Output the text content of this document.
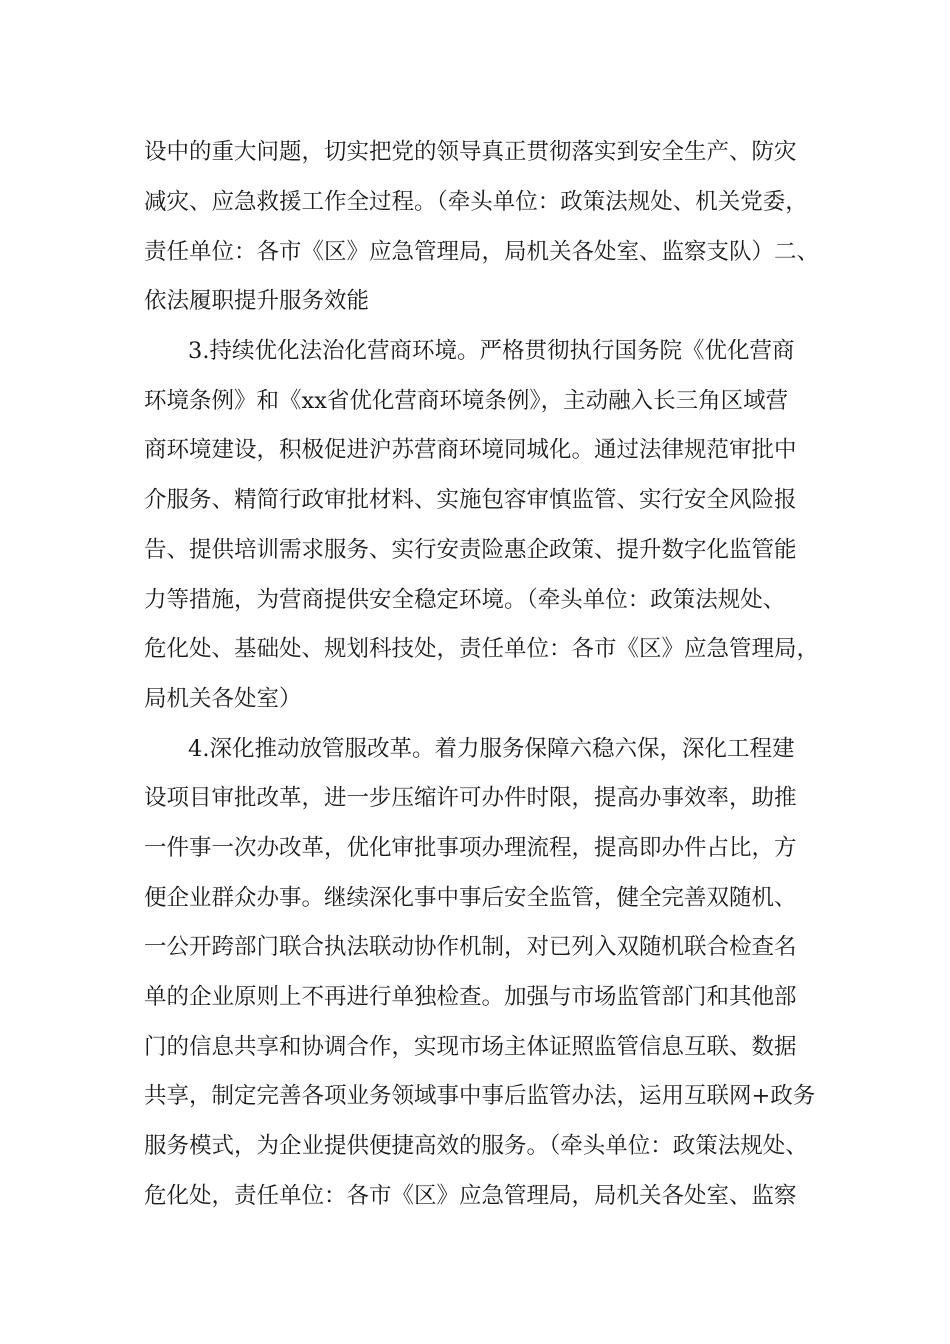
设中的重大问题，切实把党的领导真正贯彻落实到安全生产、防灾
减灾、应急救援工作全过程。（牵头单位：政策法规处、机关党委，
责任单位：各市《区》应急管理局，局机关各处室、监察支队）二、
依法履职提升服务效能
3.持续优化法治化营商环境。严格贯彻执行国务院《优化营商
环境条例》和《xx省优化营商环境条例》，主动融入长三角区域营
商环境建设，积极促进沪苏营商环境同城化。通过法律规范审批中
介服务、精简行政审批材料、实施包容审慎监管、实行安全风险报
告、提供培训需求服务、实行安责险惠企政策、提升数字化监管能
力等措施，为营商提供安全稳定环境。（牵头单位：政策法规处、
危化处、基础处、规划科技处，责任单位：各市《区》应急管理局，
局机关各处室）
4.深化推动放管服改革。着力服务保障六稳六保，深化工程建
设项目审批改革，进一步压缩许可办件时限，提高办事效率，助推
一件事一次办改革，优化审批事项办理流程，提高即办件占比，方
便企业群众办事。继续深化事中事后安全监管，健全完善双随机、
一公开跨部门联合执法联动协作机制，对已列入双随机联合检查名
单的企业原则上不再进行单独检查。加强与市场监管部门和其他部
门的信息共享和协调合作，实现市场主体证照监管信息互联、数据
共享，制定完善各项业务领域事中事后监管办法，运用互联网+政务
服务模式，为企业提供便捷高效的服务。（牵头单位：政策法规处、
危化处，责任单位：各市《区》应急管理局，局机关各处室、监察
